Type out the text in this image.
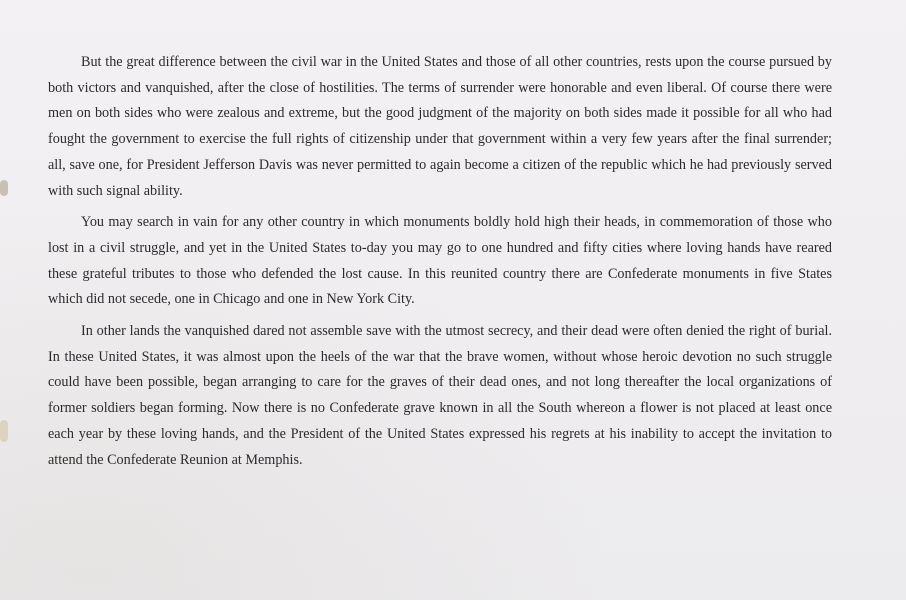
But the great difference between the civil war in the United States and those of all other countries, rests upon the course pursued by both victors and vanquished, after the close of hostilities. The terms of surrender were honorable and even liberal. Of course there were men on both sides who were zealous and extreme, but the good judgment of the majority on both sides made it possible for all who had fought the government to exercise the full rights of citizenship under that government within a very few years after the final surrender; all, save one, for President Jefferson Davis was never permitted to again become a citizen of the republic which he had previously served with such signal ability.

You may search in vain for any other country in which monuments boldly hold high their heads, in commemoration of those who lost in a civil struggle, and yet in the United States to-day you may go to one hundred and fifty cities where loving hands have reared these grateful tributes to those who defended the lost cause. In this reunited country there are Confederate monuments in five States which did not secede, one in Chicago and one in New York City.

In other lands the vanquished dared not assemble save with the utmost secrecy, and their dead were often denied the right of burial. In these United States, it was almost upon the heels of the war that the brave women, without whose heroic devotion no such struggle could have been possible, began arranging to care for the graves of their dead ones, and not long thereafter the local organizations of former soldiers began forming. Now there is no Confederate grave known in all the South whereon a flower is not placed at least once each year by these loving hands, and the President of the United States expressed his regrets at his inability to accept the invitation to attend the Confederate Reunion at Memphis.
